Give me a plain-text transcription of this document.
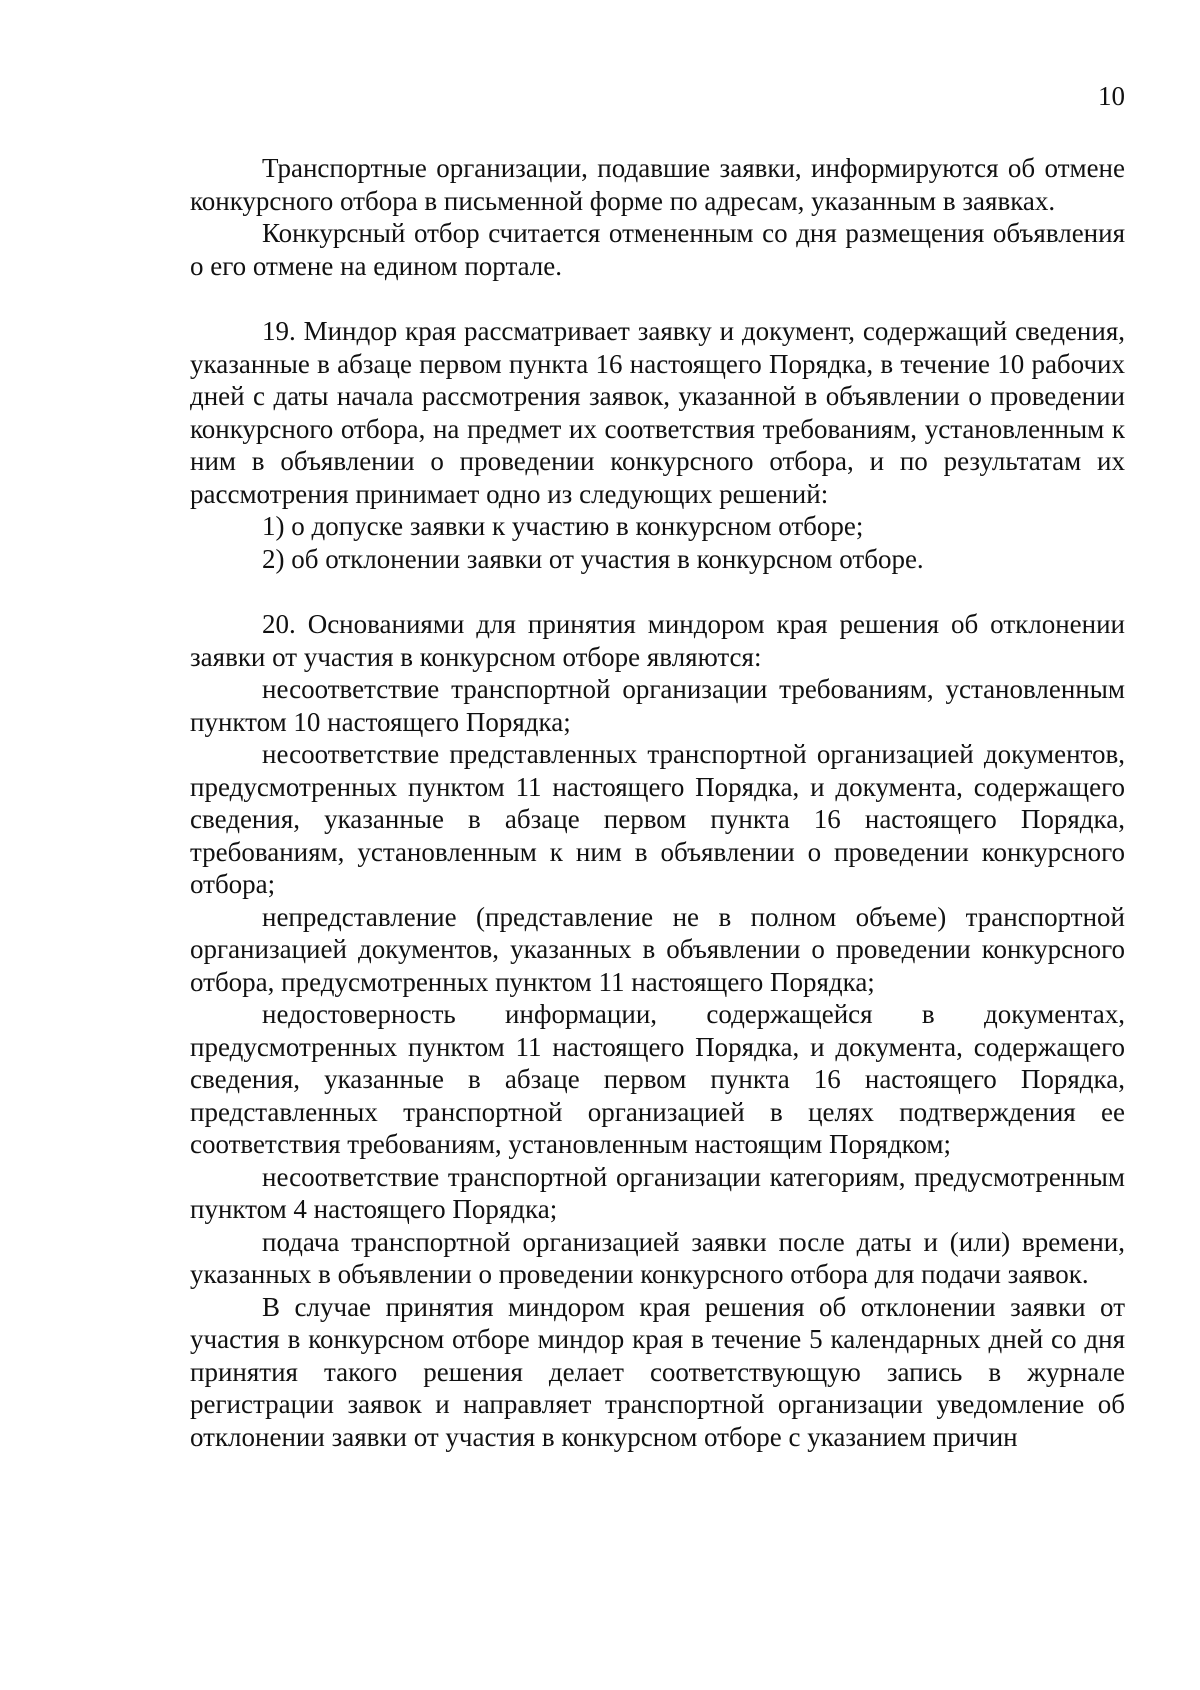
10

Транспортные организации, подавшие заявки, информируются об отмене конкурсного отбора в письменной форме по адресам, указанным в заявках.

Конкурсный отбор считается отмененным со дня размещения объявления о его отмене на едином портале.

19. Миндор края рассматривает заявку и документ, содержащий сведения, указанные в абзаце первом пункта 16 настоящего Порядка, в течение 10 рабочих дней с даты начала рассмотрения заявок, указанной в объявлении о проведении конкурсного отбора, на предмет их соответствия требованиям, установленным к ним в объявлении о проведении конкурсного отбора, и по результатам их рассмотрения принимает одно из следующих решений:

1) о допуске заявки к участию в конкурсном отборе;

2) об отклонении заявки от участия в конкурсном отборе.

20. Основаниями для принятия миндором края решения об отклонении заявки от участия в конкурсном отборе являются:

несоответствие транспортной организации требованиям, установленным пунктом 10 настоящего Порядка;

несоответствие представленных транспортной организацией документов, предусмотренных пунктом 11 настоящего Порядка, и документа, содержащего сведения, указанные в абзаце первом пункта 16 настоящего Порядка, требованиям, установленным к ним в объявлении о проведении конкурсного отбора;

непредставление (представление не в полном объеме) транспортной организацией документов, указанных в объявлении о проведении конкурсного отбора, предусмотренных пунктом 11 настоящего Порядка;

недостоверность информации, содержащейся в документах, предусмотренных пунктом 11 настоящего Порядка, и документа, содержащего сведения, указанные в абзаце первом пункта 16 настоящего Порядка, представленных транспортной организацией в целях подтверждения ее соответствия требованиям, установленным настоящим Порядком;

несоответствие транспортной организации категориям, предусмотренным пунктом 4 настоящего Порядка;

подача транспортной организацией заявки после даты и (или) времени, указанных в объявлении о проведении конкурсного отбора для подачи заявок.

В случае принятия миндором края решения об отклонении заявки от участия в конкурсном отборе миндор края в течение 5 календарных дней со дня принятия такого решения делает соответствующую запись в журнале регистрации заявок и направляет транспортной организации уведомление об отклонении заявки от участия в конкурсном отборе с указанием причин
